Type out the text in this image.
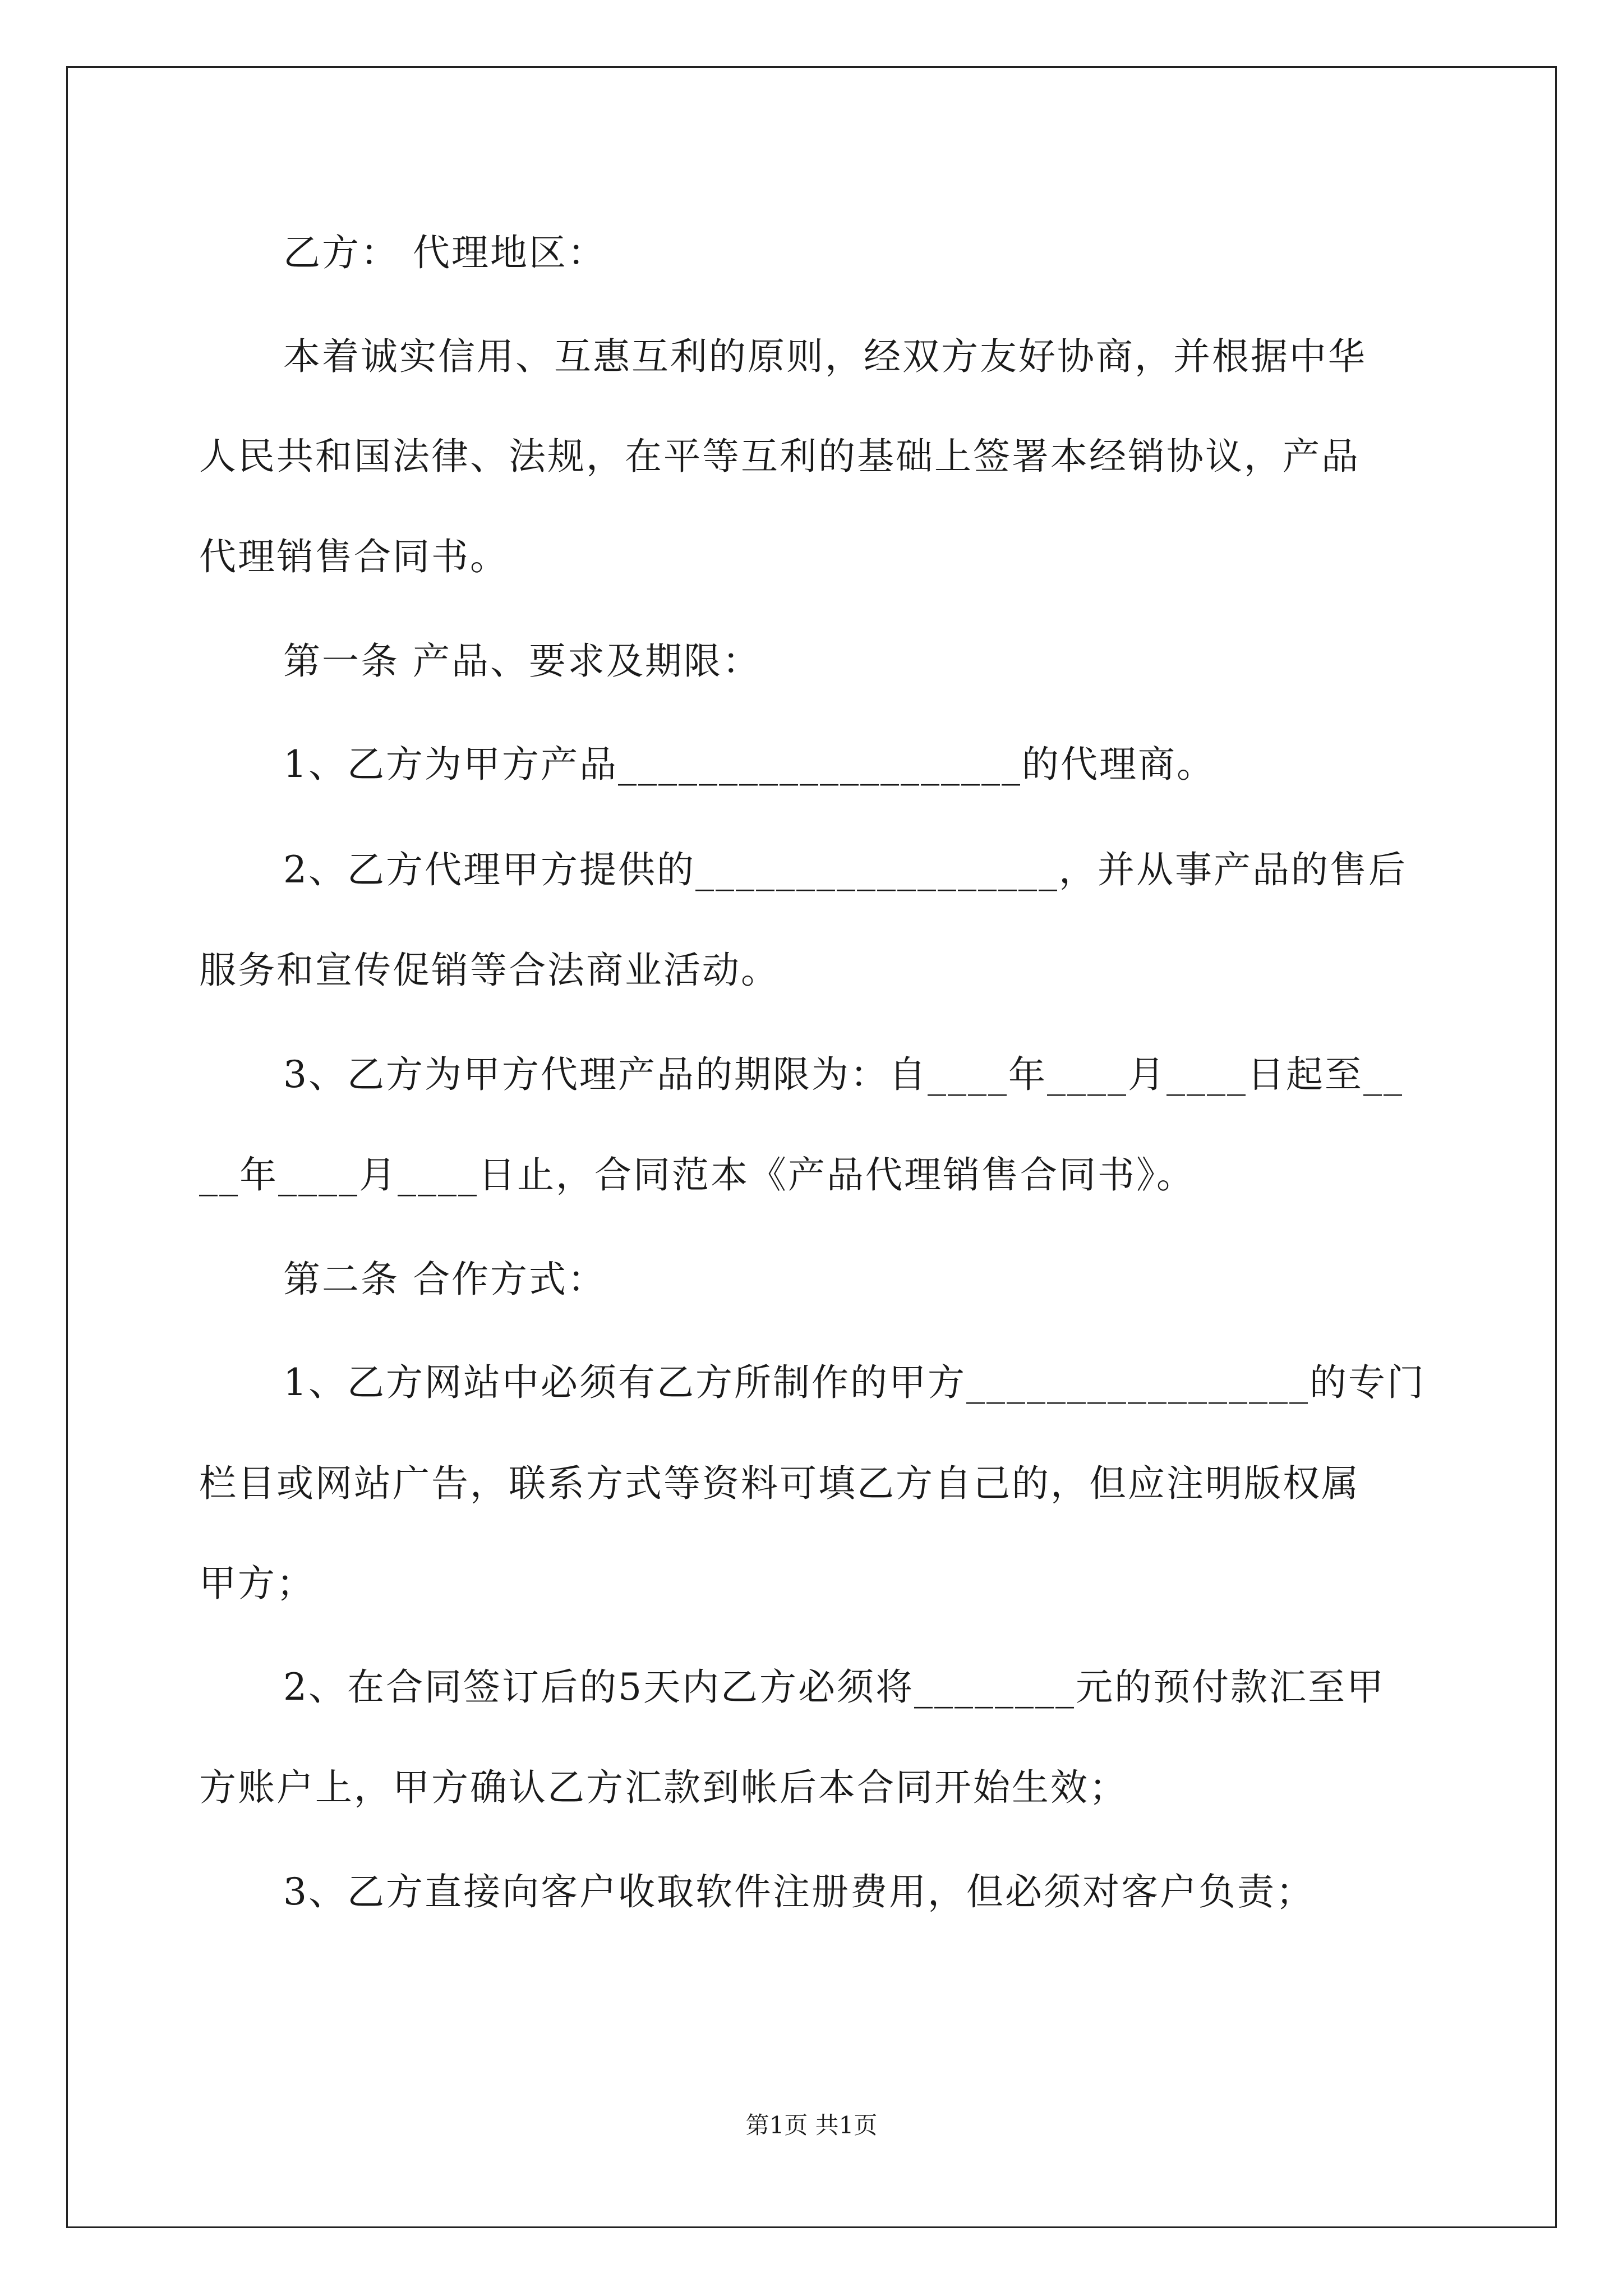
乙方： 代理地区：

本着诚实信用、互惠互利的原则，经双方友好协商，并根据中华

人民共和国法律、法规，在平等互利的基础上签署本经销协议，产品

代理销售合同书。

第一条 产品、要求及期限：

1、乙方为甲方产品____________________的代理商。

2、乙方代理甲方提供的__________________，并从事产品的售后

服务和宣传促销等合法商业活动。

3、乙方为甲方代理产品的期限为：自____年____月____日起至__

__年____月____日止，合同范本《产品代理销售合同书》。

第二条 合作方式：

1、乙方网站中必须有乙方所制作的甲方_________________的专门

栏目或网站广告，联系方式等资料可填乙方自己的，但应注明版权属

甲方；

2、在合同签订后的5天内乙方必须将________元的预付款汇至甲

方账户上，甲方确认乙方汇款到帐后本合同开始生效；

3、乙方直接向客户收取软件注册费用，但必须对客户负责；

第1页 共1页
